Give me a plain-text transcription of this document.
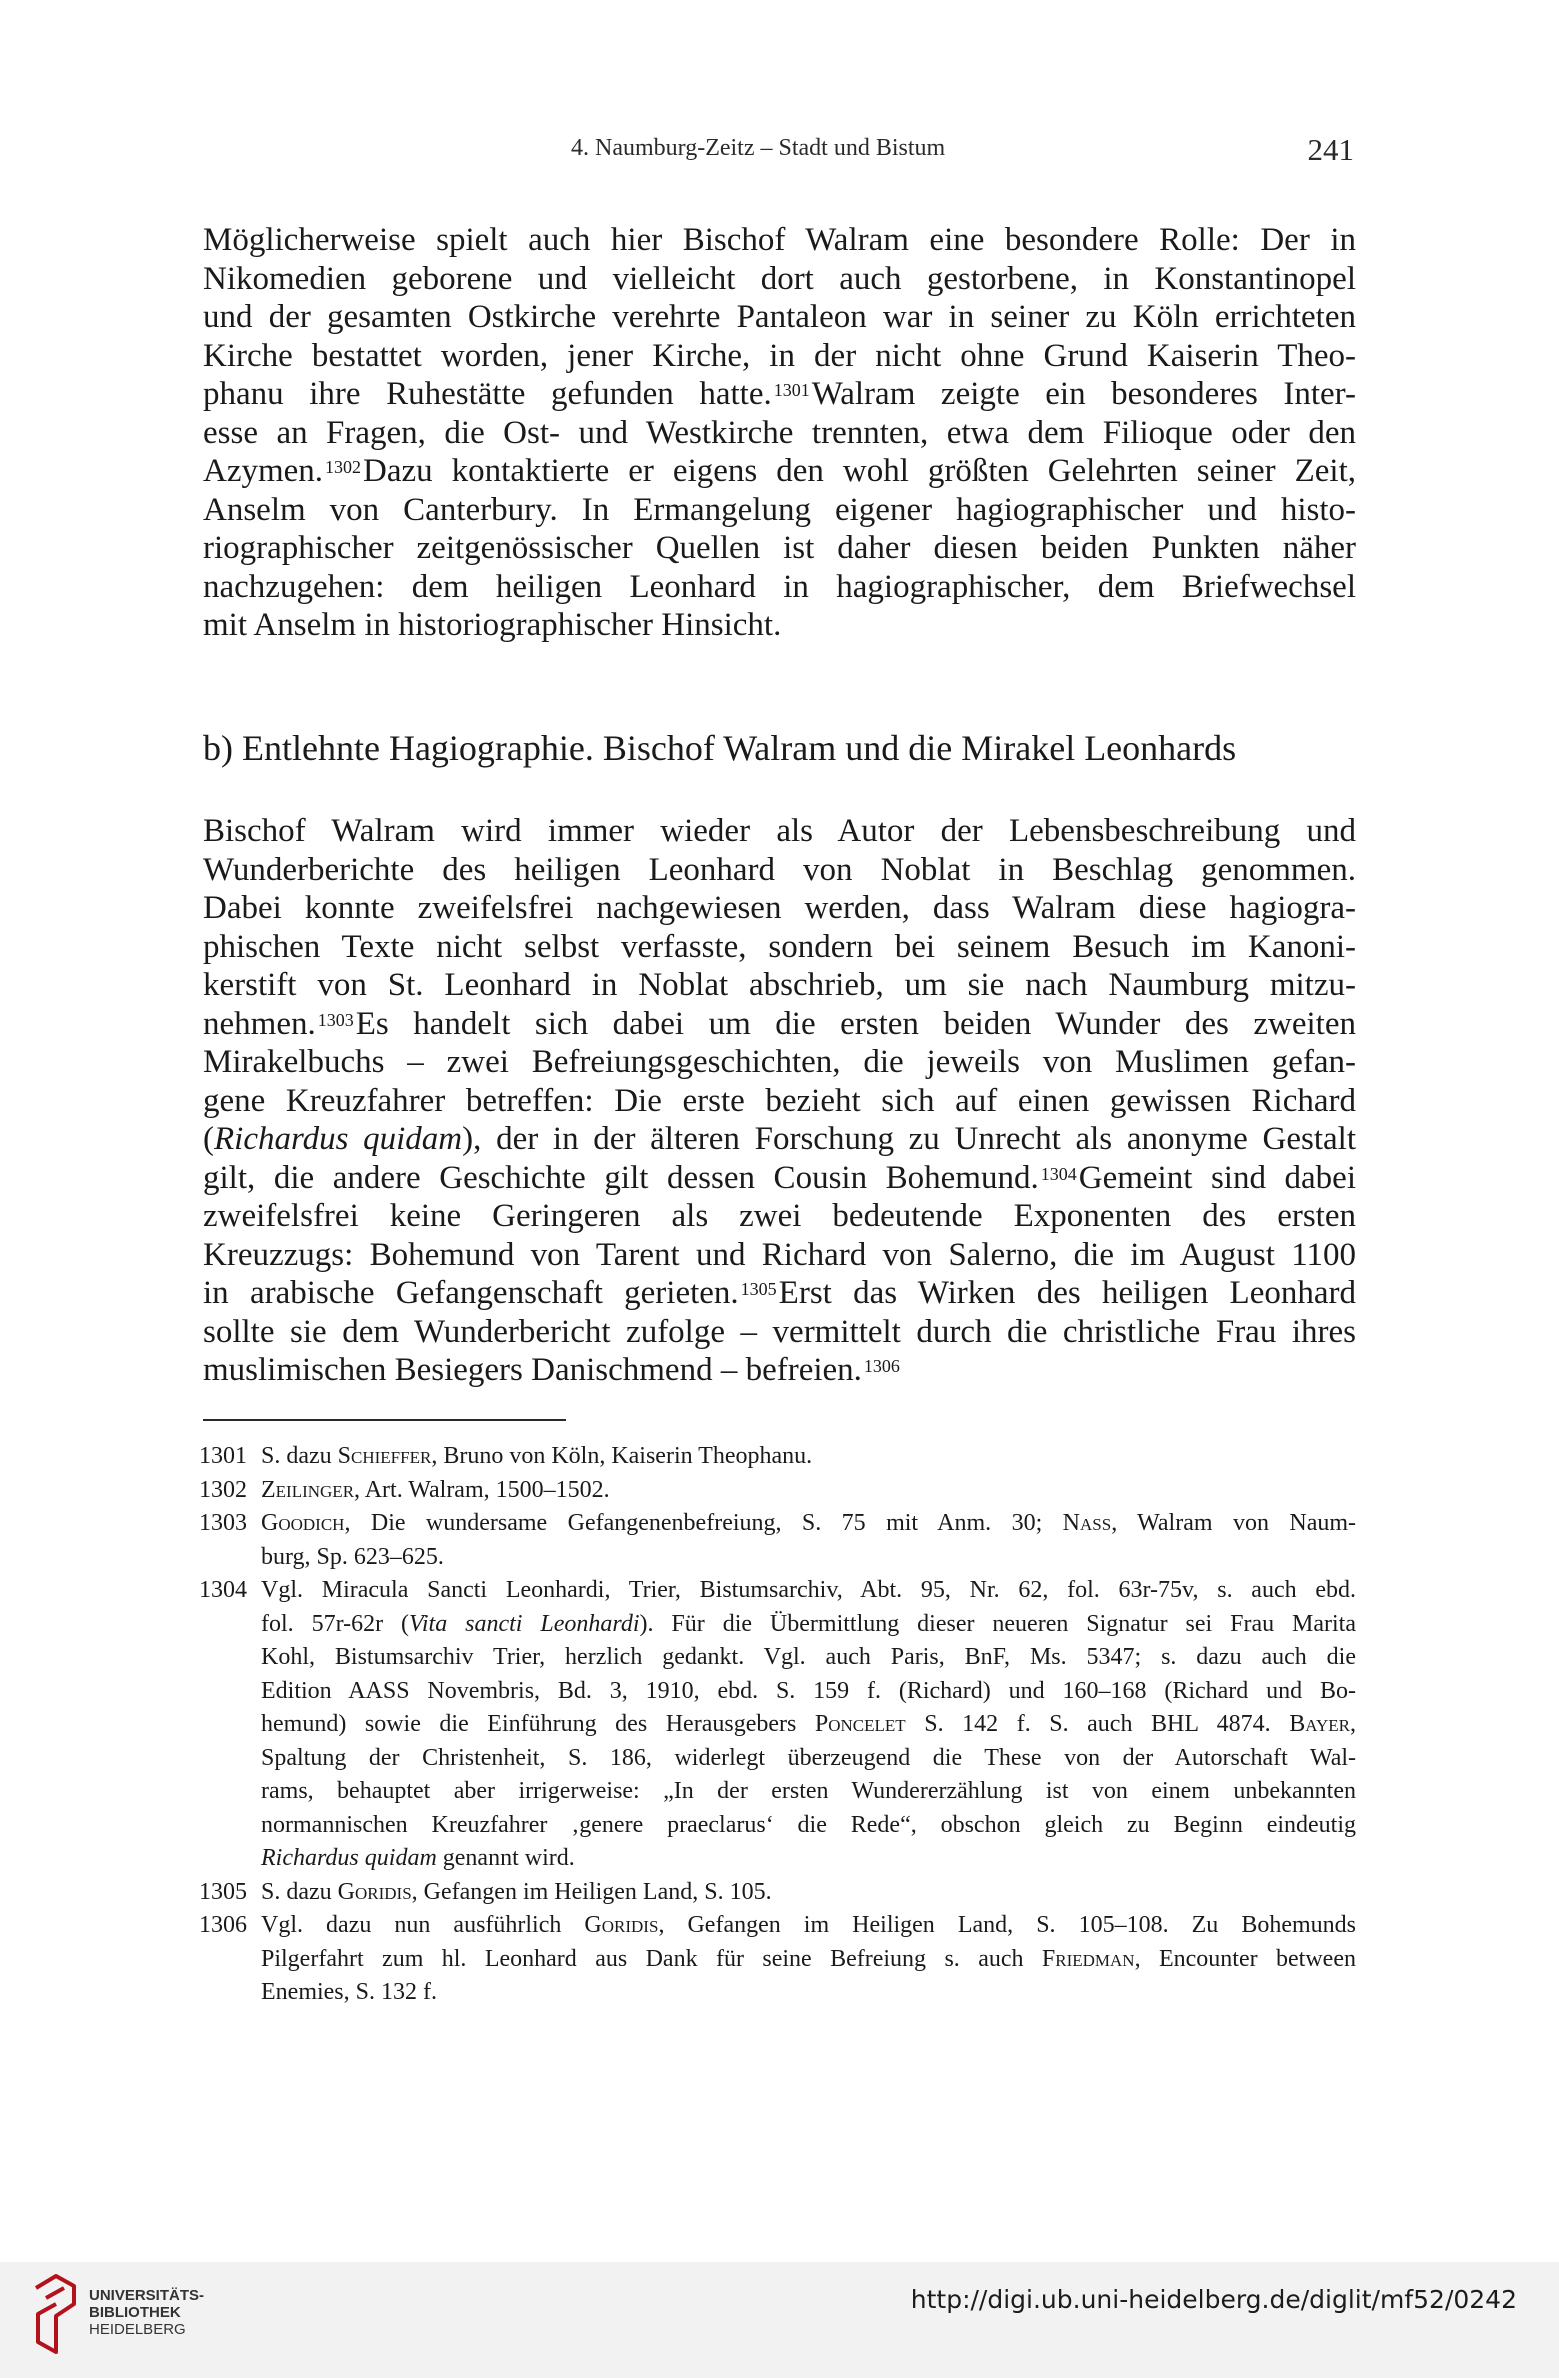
4. Naumburg-Zeitz – Stadt und Bistum	241
Möglicherweise spielt auch hier Bischof Walram eine besondere Rolle: Der in
Nikomedien geborene und vielleicht dort auch gestorbene, in Konstantinopel
und der gesamten Ostkirche verehrte Pantaleon war in seiner zu Köln errichteten
Kirche bestattet worden, jener Kirche, in der nicht ohne Grund Kaiserin Theo-
phanu ihre Ruhestätte gefunden hatte. $^{1301}$Walram zeigte ein besonderes Inter-
esse an Fragen, die Ost- und Westkirche trennten, etwa dem Filioque oder den
Azymen. $^{1302}$Dazu kontaktierte er eigens den wohl größten Gelehrten seiner Zeit,
Anselm von Canterbury. In Ermangelung eigener hagiographischer und histo-
riographischer zeitgenössischer Quellen ist daher diesen beiden Punkten näher
nachzugehen: dem heiligen Leonhard in hagiographischer, dem Briefwechsel
mit Anselm in historiographischer Hinsicht.
b) Entlehnte Hagiographie. Bischof Walram und die Mirakel Leonhards
Bischof Walram wird immer wieder als Autor der Lebensbeschreibung und
Wunderberichte des heiligen Leonhard von Noblat in Beschlag genommen.
Dabei konnte zweifelsfrei nachgewiesen werden, dass Walram diese hagiogra-
phischen Texte nicht selbst verfasste, sondern bei seinem Besuch im Kanoni-
kerstift von St. Leonhard in Noblat abschrieb, um sie nach Naumburg mitzu-
nehmen. $^{1303}$Es handelt sich dabei um die ersten beiden Wunder des zweiten
Mirakelbuchs – zwei Befreiungsgeschichten, die jeweils von Muslimen gefan-
gene Kreuzfahrer betreffen: Die erste bezieht sich auf einen gewissen Richard
(Richardus quidam), der in der älteren Forschung zu Unrecht als anonyme Gestalt
gilt, die andere Geschichte gilt dessen Cousin Bohemund. $^{1304}$Gemeint sind dabei
zweifelsfrei keine Geringeren als zwei bedeutende Exponenten des ersten
Kreuzzugs: Bohemund von Tarent und Richard von Salerno, die im August 1100
in arabische Gefangenschaft gerieten. $^{1305}$Erst das Wirken des heiligen Leonhard
sollte sie dem Wunderbericht zufolge – vermittelt durch die christliche Frau ihres
muslimischen Besiegers Danischmend – befreien. $^{1306}$
1301 S. dazu Schieffer, Bruno von Köln, Kaiserin Theophanu.
1302 Zeilinger, Art. Walram, 1500–1502.
1303 Goodich, Die wundersame Gefangenenbefreiung, S. 75 mit Anm. 30; Naß, Walram von Naum-
burg, Sp. 623–625.
1304 Vgl. Miracula Sancti Leonhardi, Trier, Bistumsarchiv, Abt. 95, Nr. 62, fol. 63r-75v, s. auch ebd.
fol. 57r-62r (Vita sancti Leonhardi). Für die Übermittlung dieser neueren Signatur sei Frau Marita
Kohl, Bistumsarchiv Trier, herzlich gedankt. Vgl. auch Paris, BnF, Ms. 5347; s. dazu auch die
Edition AASS Novembris, Bd. 3, 1910, ebd. S. 159 f. (Richard) und 160–168 (Richard und Bo-
hemund) sowie die Einführung des Herausgebers Poncelet S. 142 f. S. auch BHL 4874. Bayer,
Spaltung der Christenheit, S. 186, widerlegt überzeugend die These von der Autorschaft Wal-
rams, behauptet aber irrigerweise: „In der ersten Wundererzählung ist von einem unbekannten
normannischen Kreuzfahrer ‚genere praeclarus‘ die Rede“, obschon gleich zu Beginn eindeutig
Richardus quidam genannt wird.
1305 S. dazu Goridis, Gefangen im Heiligen Land, S. 105.
1306 Vgl. dazu nun ausführlich Goridis, Gefangen im Heiligen Land, S. 105–108. Zu Bohemunds
Pilgerfahrt zum hl. Leonhard aus Dank für seine Befreiung s. auch Friedman, Encounter between
Enemies, S. 132 f.
UNIVERSITÄTS-
BIBLIOTHEK
HEIDELBERG
http://digi.ub.uni-heidelberg.de/diglit/mf52/0242
